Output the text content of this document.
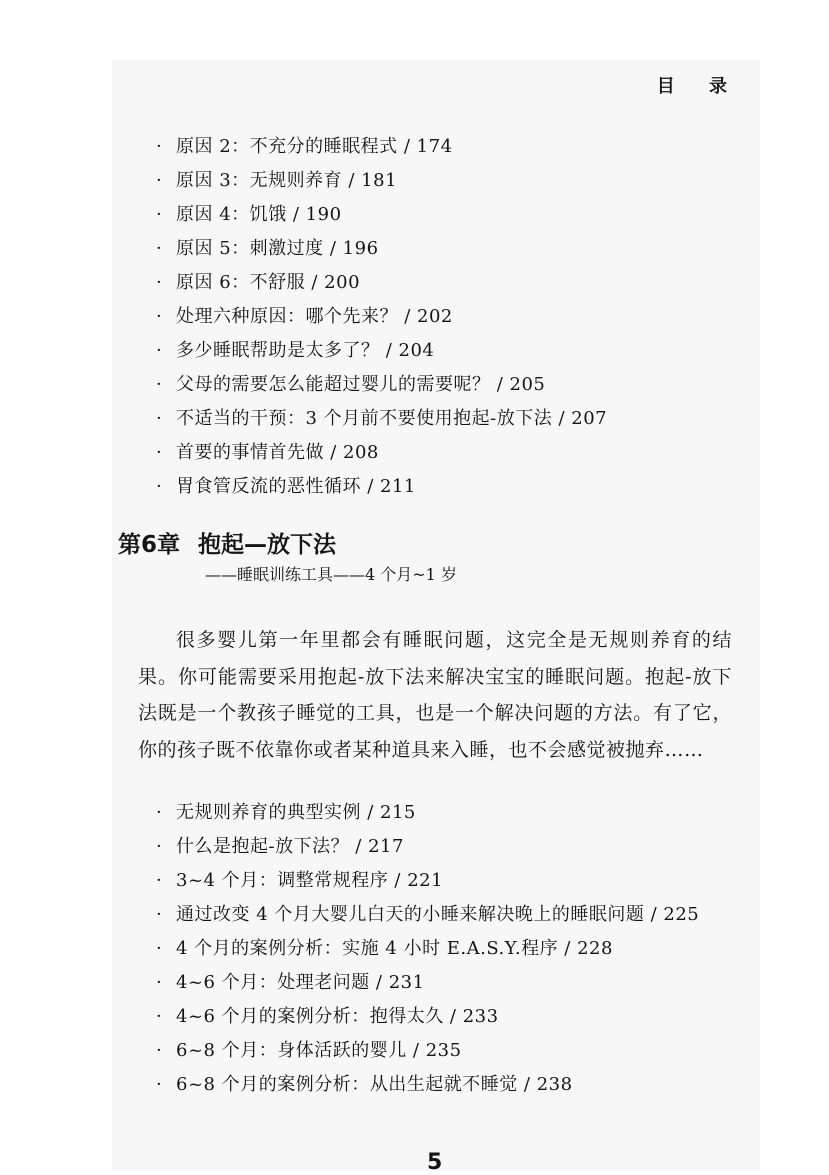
目 录
· 原因 2：不充分的睡眠程式 / 174
· 原因 3：无规则养育 / 181
· 原因 4：饥饿 / 190
· 原因 5：刺激过度 / 196
· 原因 6：不舒服 / 200
· 处理六种原因：哪个先来？ / 202
· 多少睡眠帮助是太多了？ / 204
· 父母的需要怎么能超过婴儿的需要呢？ / 205
· 不适当的干预：3 个月前不要使用抱起-放下法 / 207
· 首要的事情首先做 / 208
· 胃食管反流的恶性循环 / 211
第6章 抱起—放下法
——睡眠训练工具——4 个月~1 岁

很多婴儿第一年里都会有睡眠问题，这完全是无规则养育的结果。你可能需要采用抱起-放下法来解决宝宝的睡眠问题。抱起-放下法既是一个教孩子睡觉的工具，也是一个解决问题的方法。有了它，你的孩子既不依靠你或者某种道具来入睡，也不会感觉被抛弃……

· 无规则养育的典型实例 / 215
· 什么是抱起-放下法？ / 217
· 3~4 个月：调整常规程序 / 221
· 通过改变 4 个月大婴儿白天的小睡来解决晚上的睡眠问题 / 225
· 4 个月的案例分析：实施 4 小时 E.A.S.Y.程序 / 228
· 4~6 个月：处理老问题 / 231
· 4~6 个月的案例分析：抱得太久 / 233
· 6~8 个月：身体活跃的婴儿 / 235
· 6~8 个月的案例分析：从出生起就不睡觉 / 238
5
